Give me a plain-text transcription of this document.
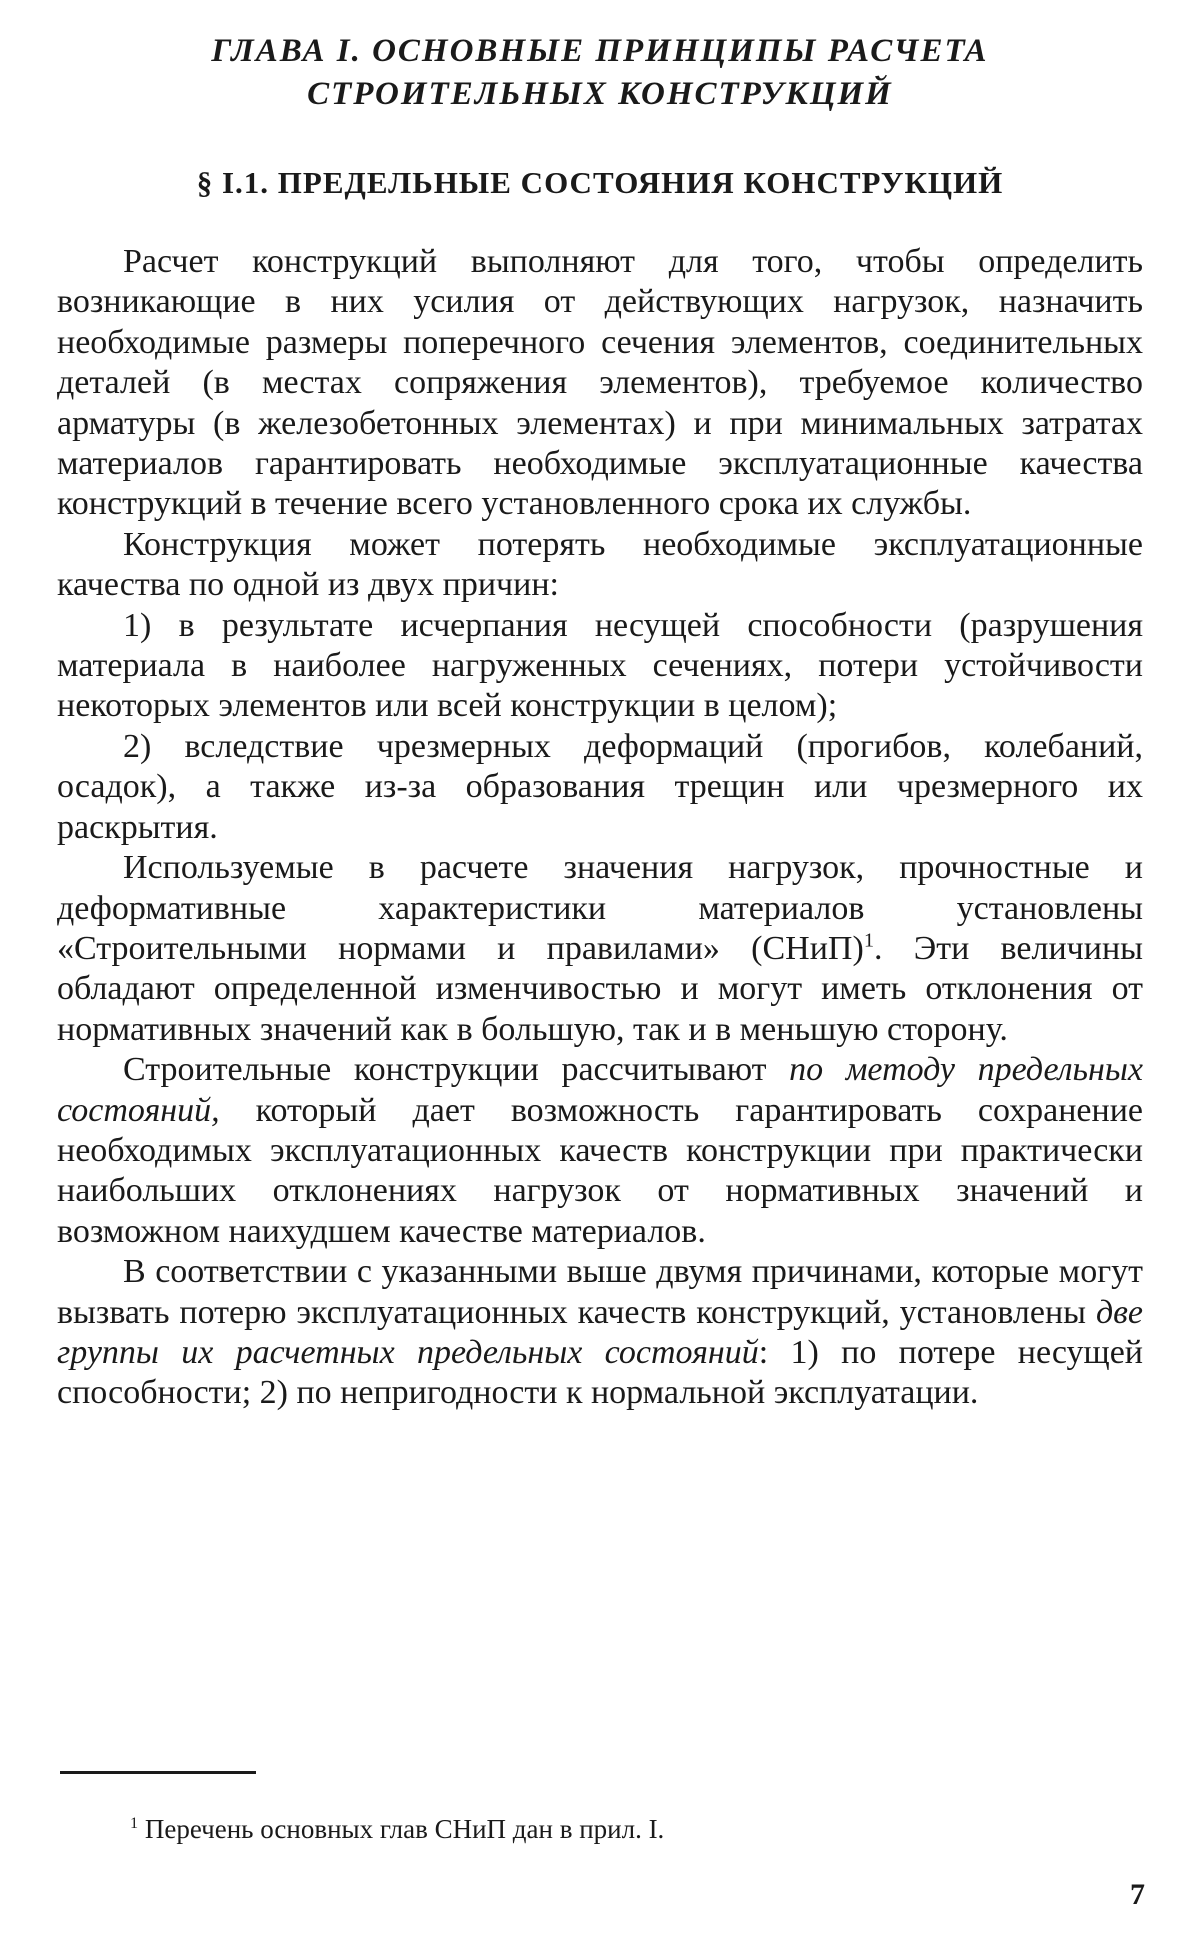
ГЛАВА I. ОСНОВНЫЕ ПРИНЦИПЫ РАСЧЕТА
СТРОИТЕЛЬНЫХ КОНСТРУКЦИЙ
§ I.1. ПРЕДЕЛЬНЫЕ СОСТОЯНИЯ КОНСТРУКЦИЙ

Расчет конструкций выполняют для того, чтобы определить возникающие в них усилия от действующих нагрузок, назначить необходимые размеры поперечного сечения элементов, соединительных деталей (в местах сопряжения элементов), требуемое количество арматуры (в железобетонных элементах) и при минимальных затратах материалов гарантировать необходимые эксплуатационные качества конструкций в течение всего установленного срока их службы.

Конструкция может потерять необходимые эксплуатационные качества по одной из двух причин:

1) в результате исчерпания несущей способности (разрушения материала в наиболее нагруженных сечениях, потери устойчивости некоторых элементов или всей конструкции в целом);

2) вследствие чрезмерных деформаций (прогибов, колебаний, осадок), а также из-за образования трещин или чрезмерного их раскрытия.

Используемые в расчете значения нагрузок, прочностные и деформативные характеристики материалов установлены «Строительными нормами и правилами» (СНиП)$^1$. Эти величины обладают определенной изменчивостью и могут иметь отклонения от нормативных значений как в большую, так и в меньшую сторону.

Строительные конструкции рассчитывают по методу предельных состояний, который дает возможность гарантировать сохранение необходимых эксплуатационных качеств конструкции при практически наибольших отклонениях нагрузок от нормативных значений и возможном наихудшем качестве материалов.

В соответствии с указанными выше двумя причинами, которые могут вызвать потерю эксплуатационных качеств конструкций, установлены две группы их расчетных предельных состояний: 1) по потере несущей способности; 2) по непригодности к нормальной эксплуатации.

$^1$ Перечень основных глав СНиП дан в прил. I.

7
